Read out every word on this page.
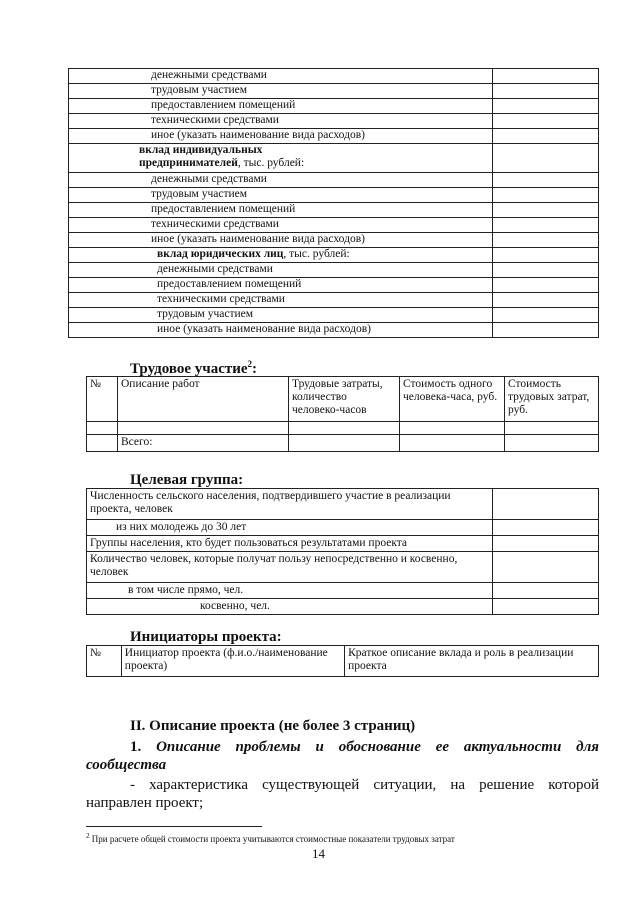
денежными средствами	

трудовым участием	

предоставлением помещений	

техническими средствами	

иное (указать наименование вида расходов)	

вклад индивидуальных
предпринимателей, тыс. рублей:	

денежными средствами	

трудовым участием	

предоставлением помещений	

техническими средствами	

иное (указать наименование вида расходов)	

вклад юридических лиц, тыс. рублей:	

денежными средствами	

предоставлением помещений	

техническими средствами	

трудовым участием	

иное (указать наименование вида расходов)	

Трудовое участие$^2$:
№	Описание работ	Трудовые затраты, количество человеко-часов	Стоимость одного человека-часа, руб.	Стоимость трудовых затрат, руб.

	Всего:			
Целевая группа:
Численность сельского населения, подтвердившего участие в реализации проекта, человек	

из них молодежь до 30 лет	

Группы населения, кто будет пользоваться результатами проекта	
Количество человек, которые получат пользу непосредственно и косвенно, человек	

в том числе прямо, чел.	

косвенно, чел.	

Инициаторы проекта:
№	Инициатор проекта (ф.и.о./наименование проекта)	Краткое описание вклада и роль в реализации проекта
II. Описание проекта (не более 3 страниц)
1. Описание проблемы и обоснование ее актуальности для сообщества
- характеристика существующей ситуации, на решение которой направлен проект;
$^2$ При расчете общей стоимости проекта учитываются стоимостные показатели трудовых затрат
14
